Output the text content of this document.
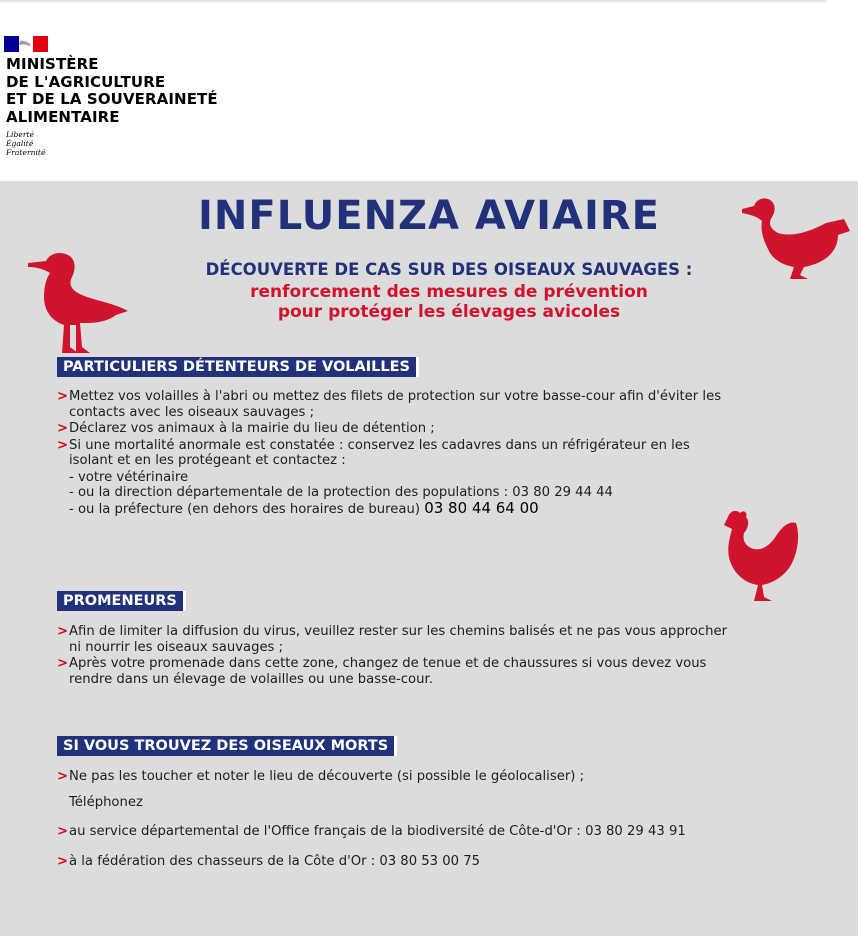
MINISTÈRE
DE L'AGRICULTURE
ET DE LA SOUVERAINETÉ
ALIMENTAIRE
Liberté
Égalité
Fraternité
INFLUENZA AVIAIRE
DÉCOUVERTE DE CAS SUR DES OISEAUX SAUVAGES :
renforcement des mesures de prévention
pour protéger les élevages avicoles
PARTICULIERS DÉTENTEURS DE VOLAILLES
> Mettez vos volailles à l'abri ou mettez des filets de protection sur votre basse-cour afin d'éviter les
contacts avec les oiseaux sauvages ;
> Déclarez vos animaux à la mairie du lieu de détention ;
> Si une mortalité anormale est constatée : conservez les cadavres dans un réfrigérateur en les
isolant et en les protégeant et contactez :
- votre vétérinaire
- ou la direction départementale de la protection des populations : 03 80 29 44 44
- ou la préfecture (en dehors des horaires de bureau) 03 80 44 64 00
PROMENEURS
> Afin de limiter la diffusion du virus, veuillez rester sur les chemins balisés et ne pas vous approcher
ni nourrir les oiseaux sauvages ;
> Après votre promenade dans cette zone, changez de tenue et de chaussures si vous devez vous
rendre dans un élevage de volailles ou une basse-cour.
SI VOUS TROUVEZ DES OISEAUX MORTS
> Ne pas les toucher et noter le lieu de découverte (si possible le géolocaliser) ;
Téléphonez
> au service départemental de l'Office français de la biodiversité de Côte-d'Or : 03 80 29 43 91
> à la fédération des chasseurs de la Côte d'Or : 03 80 53 00 75
